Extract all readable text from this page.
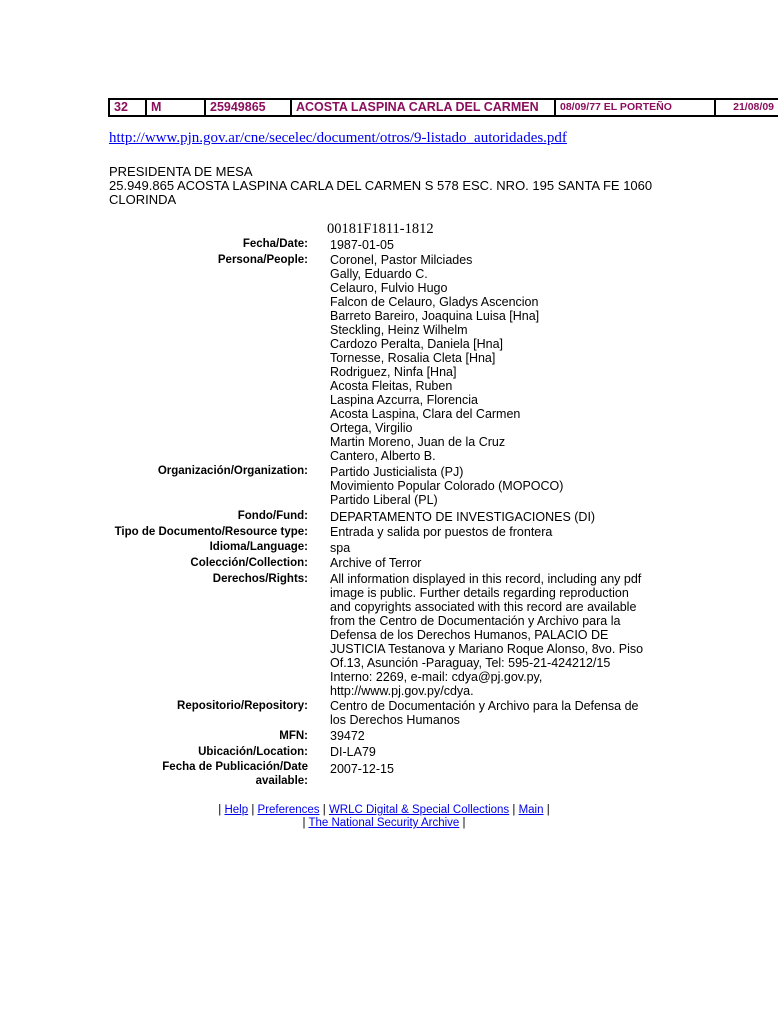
32	M	25949865	ACOSTA LASPINA CARLA DEL CARMEN	08/09/77 EL PORTEÑO	21/08/09
http://www.pjn.gov.ar/cne/secelec/document/otros/9-listado_autoridades.pdf
PRESIDENTA DE MESA
25.949.865 ACOSTA LASPINA CARLA DEL CARMEN S 578 ESC. NRO. 195 SANTA FE 1060
CLORINDA
00181F1811-1812
Fecha/Date: 1987-01-05
Persona/People: Coronel, Pastor Milciades
Gally, Eduardo C.
Celauro, Fulvio Hugo
Falcon de Celauro, Gladys Ascencion
Barreto Bareiro, Joaquina Luisa [Hna]
Steckling, Heinz Wilhelm
Cardozo Peralta, Daniela [Hna]
Tornesse, Rosalia Cleta [Hna]
Rodriguez, Ninfa [Hna]
Acosta Fleitas, Ruben
Laspina Azcurra, Florencia
Acosta Laspina, Clara del Carmen
Ortega, Virgilio
Martin Moreno, Juan de la Cruz
Cantero, Alberto B.
Organización/Organization: Partido Justicialista (PJ)
Movimiento Popular Colorado (MOPOCO)
Partido Liberal (PL)
Fondo/Fund: DEPARTAMENTO DE INVESTIGACIONES (DI)
Tipo de Documento/Resource type: Entrada y salida por puestos de frontera
Idioma/Language: spa
Colección/Collection: Archive of Terror
Derechos/Rights: All information displayed in this record, including any pdf
image is public. Further details regarding reproduction
and copyrights associated with this record are available
from the Centro de Documentación y Archivo para la
Defensa de los Derechos Humanos, PALACIO DE
JUSTICIA Testanova y Mariano Roque Alonso, 8vo. Piso
Of.13, Asunción -Paraguay, Tel: 595-21-424212/15
Interno: 2269, e-mail: cdya@pj.gov.py,
http://www.pj.gov.py/cdya.
Repositorio/Repository: Centro de Documentación y Archivo para la Defensa de
los Derechos Humanos
MFN: 39472
Ubicación/Location: DI-LA79
Fecha de Publicación/Date
available:
2007-12-15
| Help | Preferences | WRLC Digital & Special Collections | Main |
| The National Security Archive |
